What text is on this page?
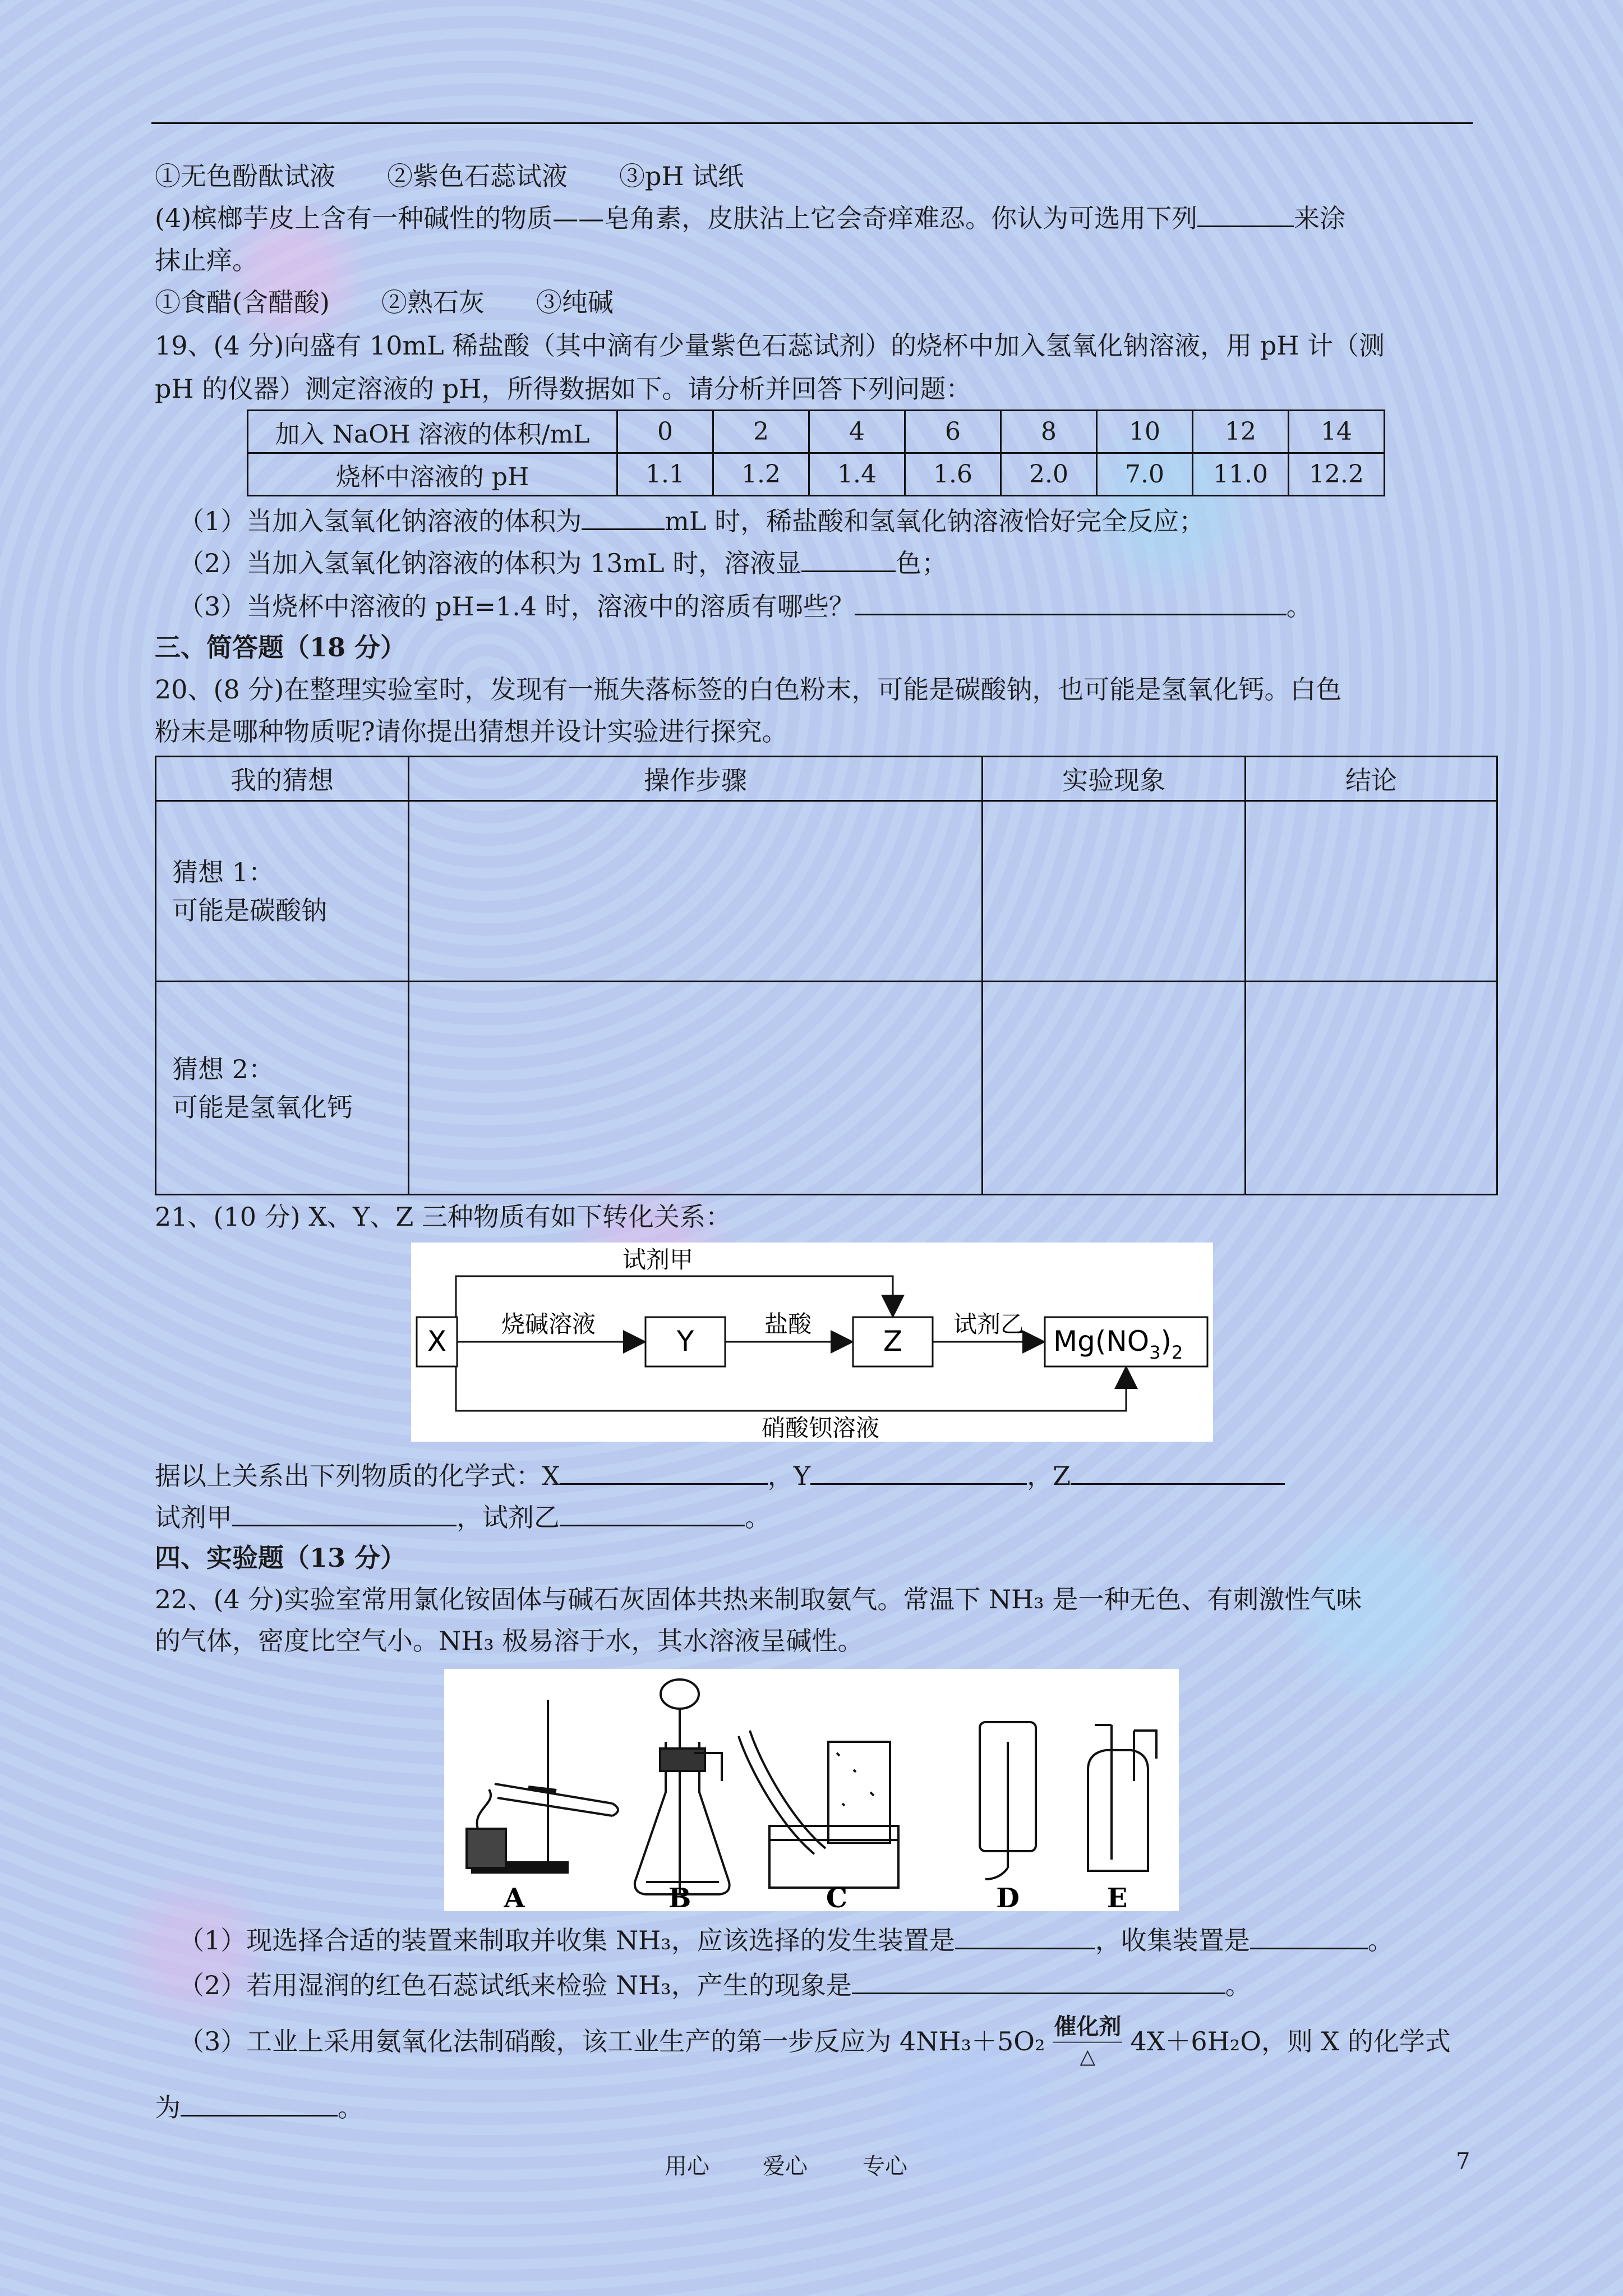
①无色酚酞试液　　②紫色石蕊试液　　③pH 试纸
(4)槟榔芋皮上含有一种碱性的物质——皂角素，皮肤沾上它会奇痒难忍。你认为可选用下列	来涂
抹止痒。
①食醋(含醋酸)　　②熟石灰　　③纯碱
19、(4 分)向盛有 10mL 稀盐酸（其中滴有少量紫色石蕊试剂）的烧杯中加入氢氧化钠溶液，用 pH 计（测
pH 的仪器）测定溶液的 pH，所得数据如下。请分析并回答下列问题：
加入 NaOH 溶液的体积/mL	0	2	4	6	8	10	12	14
烧杯中溶液的 pH	1.1	1.2	1.4	1.6	2.0	7.0	11.0	12.2
（1）当加入氢氧化钠溶液的体积为	mL 时，稀盐酸和氢氧化钠溶液恰好完全反应；
（2）当加入氢氧化钠溶液的体积为 13mL 时，溶液显	色；
（3）当烧杯中溶液的 pH=1.4 时，溶液中的溶质有哪些？	。
三、简答题（18 分）
20、(8 分)在整理实验室时，发现有一瓶失落标签的白色粉末，可能是碳酸钠，也可能是氢氧化钙。白色
粉末是哪种物质呢?请你提出猜想并设计实验进行探究。
我的猜想	操作步骤	实验现象	结论

猜想 1：
可能是碳酸钠			

猜想 2：
可能是氢氧化钙			

21、(10 分) X、Y、Z 三种物质有如下转化关系：
X	Y	Z	$Mg(NO_3)_2$
试剂甲
烧碱溶液	盐酸	试剂乙
硝酸钡溶液
据以上关系出下列物质的化学式：X	，Y	，Z
试剂甲	，试剂乙	。
四、实验题（13 分）
22、(4 分)实验室常用氯化铵固体与碱石灰固体共热来制取氨气。常温下 NH₃ 是一种无色、有刺激性气味
的气体，密度比空气小。NH₃ 极易溶于水，其水溶液呈碱性。
A	B	C	D	E
（1）现选择合适的装置来制取并收集 NH₃，应该选择的发生装置是	，收集装置是	。
（2）若用湿润的红色石蕊试纸来检验 NH₃，产生的现象是	。
（3）工业上采用氨氧化法制硝酸，该工业生产的第一步反应为 4NH₃＋5O₂ 催化剂
△
4X＋6H₂O，则 X 的化学式
为	。
用心 爱心 专心	7
